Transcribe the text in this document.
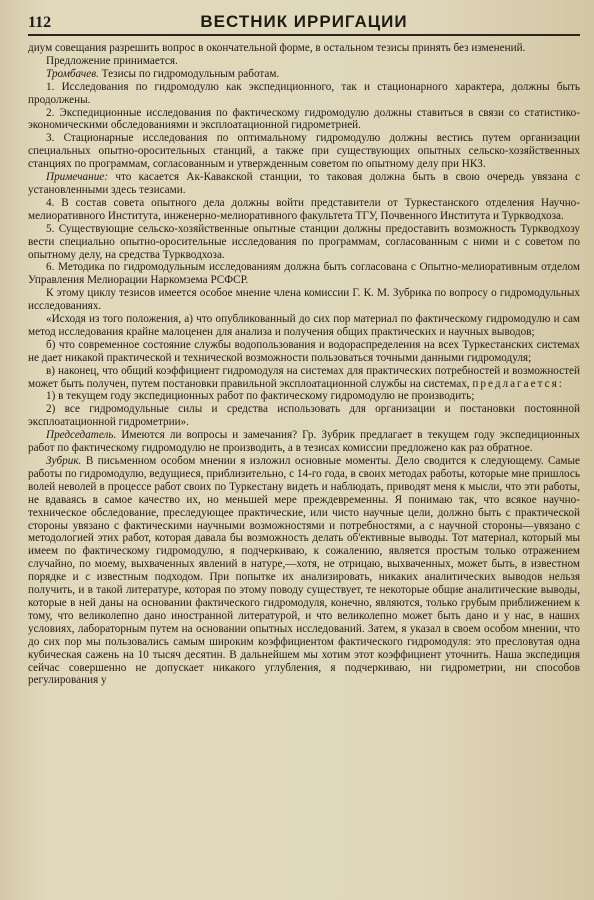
112	ВЕСТНИК ИРРИГАЦИИ

диум совещания разрешить вопрос в окончательной форме, в остальном тезисы принять без изменений.

Предложение принимается.

Тромбачев. Тезисы по гидромодульным работам.

1. Исследования по гидромодулю как экспедиционного, так и стационарного характера, должны быть продолжены.

2. Экспедиционные исследования по фактическому гидромодулю должны ставиться в связи со статистико-экономическими обследованиями и эксплоатационной гидрометрией.

3. Стационарные исследования по оптимальному гидромодулю должны вестись путем организации специальных опытно-оросительных станций, а также при существующих опытных сельско-хозяйственных станциях по программам, согласованным и утвержденным советом по опытному делу при НКЗ.

Примечание: что касается Ак-Кавакской станции, то таковая должна быть в свою очередь увязана с установленными здесь тезисами.

4. В состав совета опытного дела должны войти представители от Туркестанского отделения Научно-мелиоративного Института, инженерно-мелиоративного факультета ТГУ, Почвенного Института и Туркводхоза.

5. Существующие сельско-хозяйственные опытные станции должны предоставить возможность Туркводхозу вести специально опытно-оросительные исследования по программам, согласованным с ними и с советом по опытному делу, на средства Туркводхоза.

6. Методика по гидромодульным исследованиям должна быть согласована с Опытно-мелиоративным отделом Управления Мелиорации Наркомзема РСФСР.

К этому циклу тезисов имеется особое мнение члена комиссии Г. К. М. Зубрика по вопросу о гидромодульных исследованиях.

«Исходя из того положения, а) что опубликованный до сих пор материал по фактическому гидромодулю и сам метод исследования крайне малоценен для анализа и получения общих практических и научных выводов;

б) что современное состояние службы водопользования и водораспределения на всех Туркестанских системах не дает никакой практической и технической возможности пользоваться точными данными гидромодуля;

в) наконец, что общий коэффициент гидромодуля на системах для практических потребностей и возможностей может быть получен, путем постановки правильной эксплоатационной службы на системах, предлагается:

1) в текущем году экспедиционных работ по фактическому гидромодулю не производить;

2) все гидромодульные силы и средства использовать для организации и постановки постоянной эксплоатационной гидрометрии».

Председатель. Имеются ли вопросы и замечания? Гр. Зубрик предлагает в текущем году экспедиционных работ по фактическому гидромодулю не производить, а в тезисах комиссии предложено как раз обратное.

Зубрик. В письменном особом мнении я изложил основные моменты. Дело сводится к следующему. Самые работы по гидромодулю, ведущиеся, приблизительно, с 14-го года, в своих методах работы, которые мне пришлось волей неволей в процессе работ своих по Туркестану видеть и наблюдать, приводят меня к мысли, что эти работы, не вдаваясь в самое качество их, но меньшей мере преждевременны. Я понимаю так, что всякое научно-техническое обследование, преследующее практические, или чисто научные цели, должно быть с практической стороны увязано с фактическими научными возможностями и потребностями, а с научной стороны—увязано с методологией этих работ, которая давала бы возможность делать об'ективные выводы. Тот материал, который мы имеем по фактическому гидромодулю, я подчеркиваю, к сожалению, является простым только отражением случайно, по моему, выхваченных явлений в натуре,—хотя, не отрицаю, выхваченных, может быть, в известном порядке и с известным подходом. При попытке их анализировать, никаких аналитических выводов нельзя получить, и в такой литературе, которая по этому поводу существует, те некоторые общие аналитические выводы, которые в ней даны на основании фактического гидромодуля, конечно, являются, только грубым приближением к тому, что великолепно дано иностранной литературой, и что великолепно может быть дано и у нас, в наших условиях, лабораторным путем на основании опытных исследований. Затем, я указал в своем особом мнении, что до сих пор мы пользовались самым широким коэффициентом фактического гидромодуля: это пресловутая одна кубическая сажень на 10 тысяч десятин. В дальнейшем мы хотим этот коэффициент уточнить. Наша экспедиция сейчас совершенно не допускает никакого углубления, я подчеркиваю, ни гидрометрии, ни способов регулирования у
